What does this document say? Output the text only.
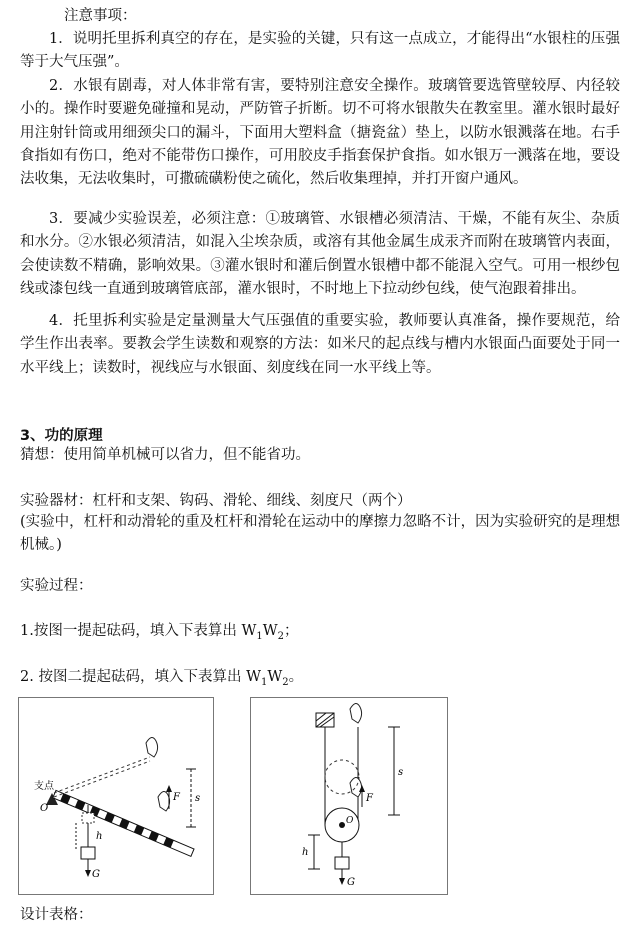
注意事项：

1．说明托里拆利真空的存在，是实验的关键，只有这一点成立，才能得出“水银柱的压强等于大气压强”。

2．水银有剧毒，对人体非常有害，要特别注意安全操作。玻璃管要选管壁较厚、内径较小的。操作时要避免碰撞和晃动，严防管子折断。切不可将水银散失在教室里。灌水银时最好用注射针筒或用细颈尖口的漏斗，下面用大塑料盒（搪瓷盆）垫上，以防水银溅落在地。右手食指如有伤口，绝对不能带伤口操作，可用胶皮手指套保护食指。如水银万一溅落在地，要设法收集，无法收集时，可撒硫磺粉使之硫化，然后收集理掉，并打开窗户通风。

3．要减少实验误差，必须注意：①玻璃管、水银槽必须清洁、干燥，不能有灰尘、杂质和水分。②水银必须清洁，如混入尘埃杂质，或溶有其他金属生成汞齐而附在玻璃管内表面，会使读数不精确，影响效果。③灌水银时和灌后倒置水银槽中都不能混入空气。可用一根纱包线或漆包线一直通到玻璃管底部，灌水银时，不时地上下拉动纱包线，使气泡跟着排出。

4．托里拆利实验是定量测量大气压强值的重要实验，教师要认真准备，操作要规范，给学生作出表率。要教会学生读数和观察的方法：如米尺的起点线与槽内水银面凸面要处于同一水平线上；读数时，视线应与水银面、刻度线在同一水平线上等。

3、功的原理
猜想：使用简单机械可以省力，但不能省功。
实验器材：杠杆和支架、钩码、滑轮、细线、刻度尺（两个）
(实验中，杠杆和动滑轮的重及杠杆和滑轮在运动中的摩擦力忽略不计，因为实验研究的是理想机械。)
实验过程：
1.按图一提起砝码，填入下表算出 $W_1W_2$；
2. 按图二提起砝码，填入下表算出 $W_1W_2$。
支点
O
F s
G
h
O
F
s
G
h
设计表格：
